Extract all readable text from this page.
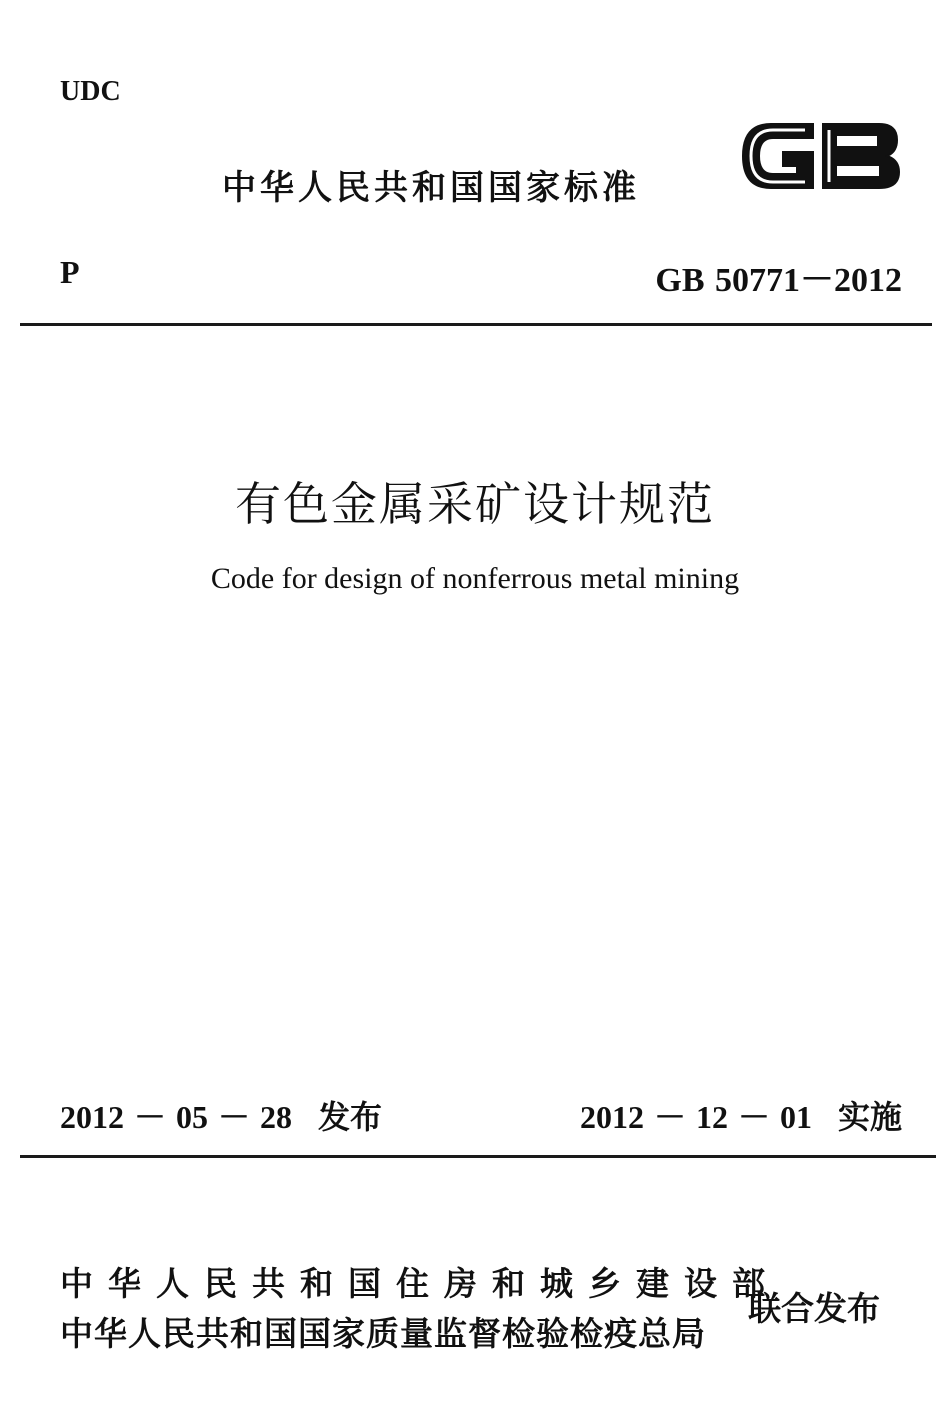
UDC
中华人民共和国国家标准
P	GB 50771－2012
有色金属采矿设计规范
Code for design of nonferrous metal mining
2012 － 05 － 28 发布	2012 － 12 － 01 实施
中华人民共和国住房和城乡建设部
中华人民共和国国家质量监督检验检疫总局
联合发布
